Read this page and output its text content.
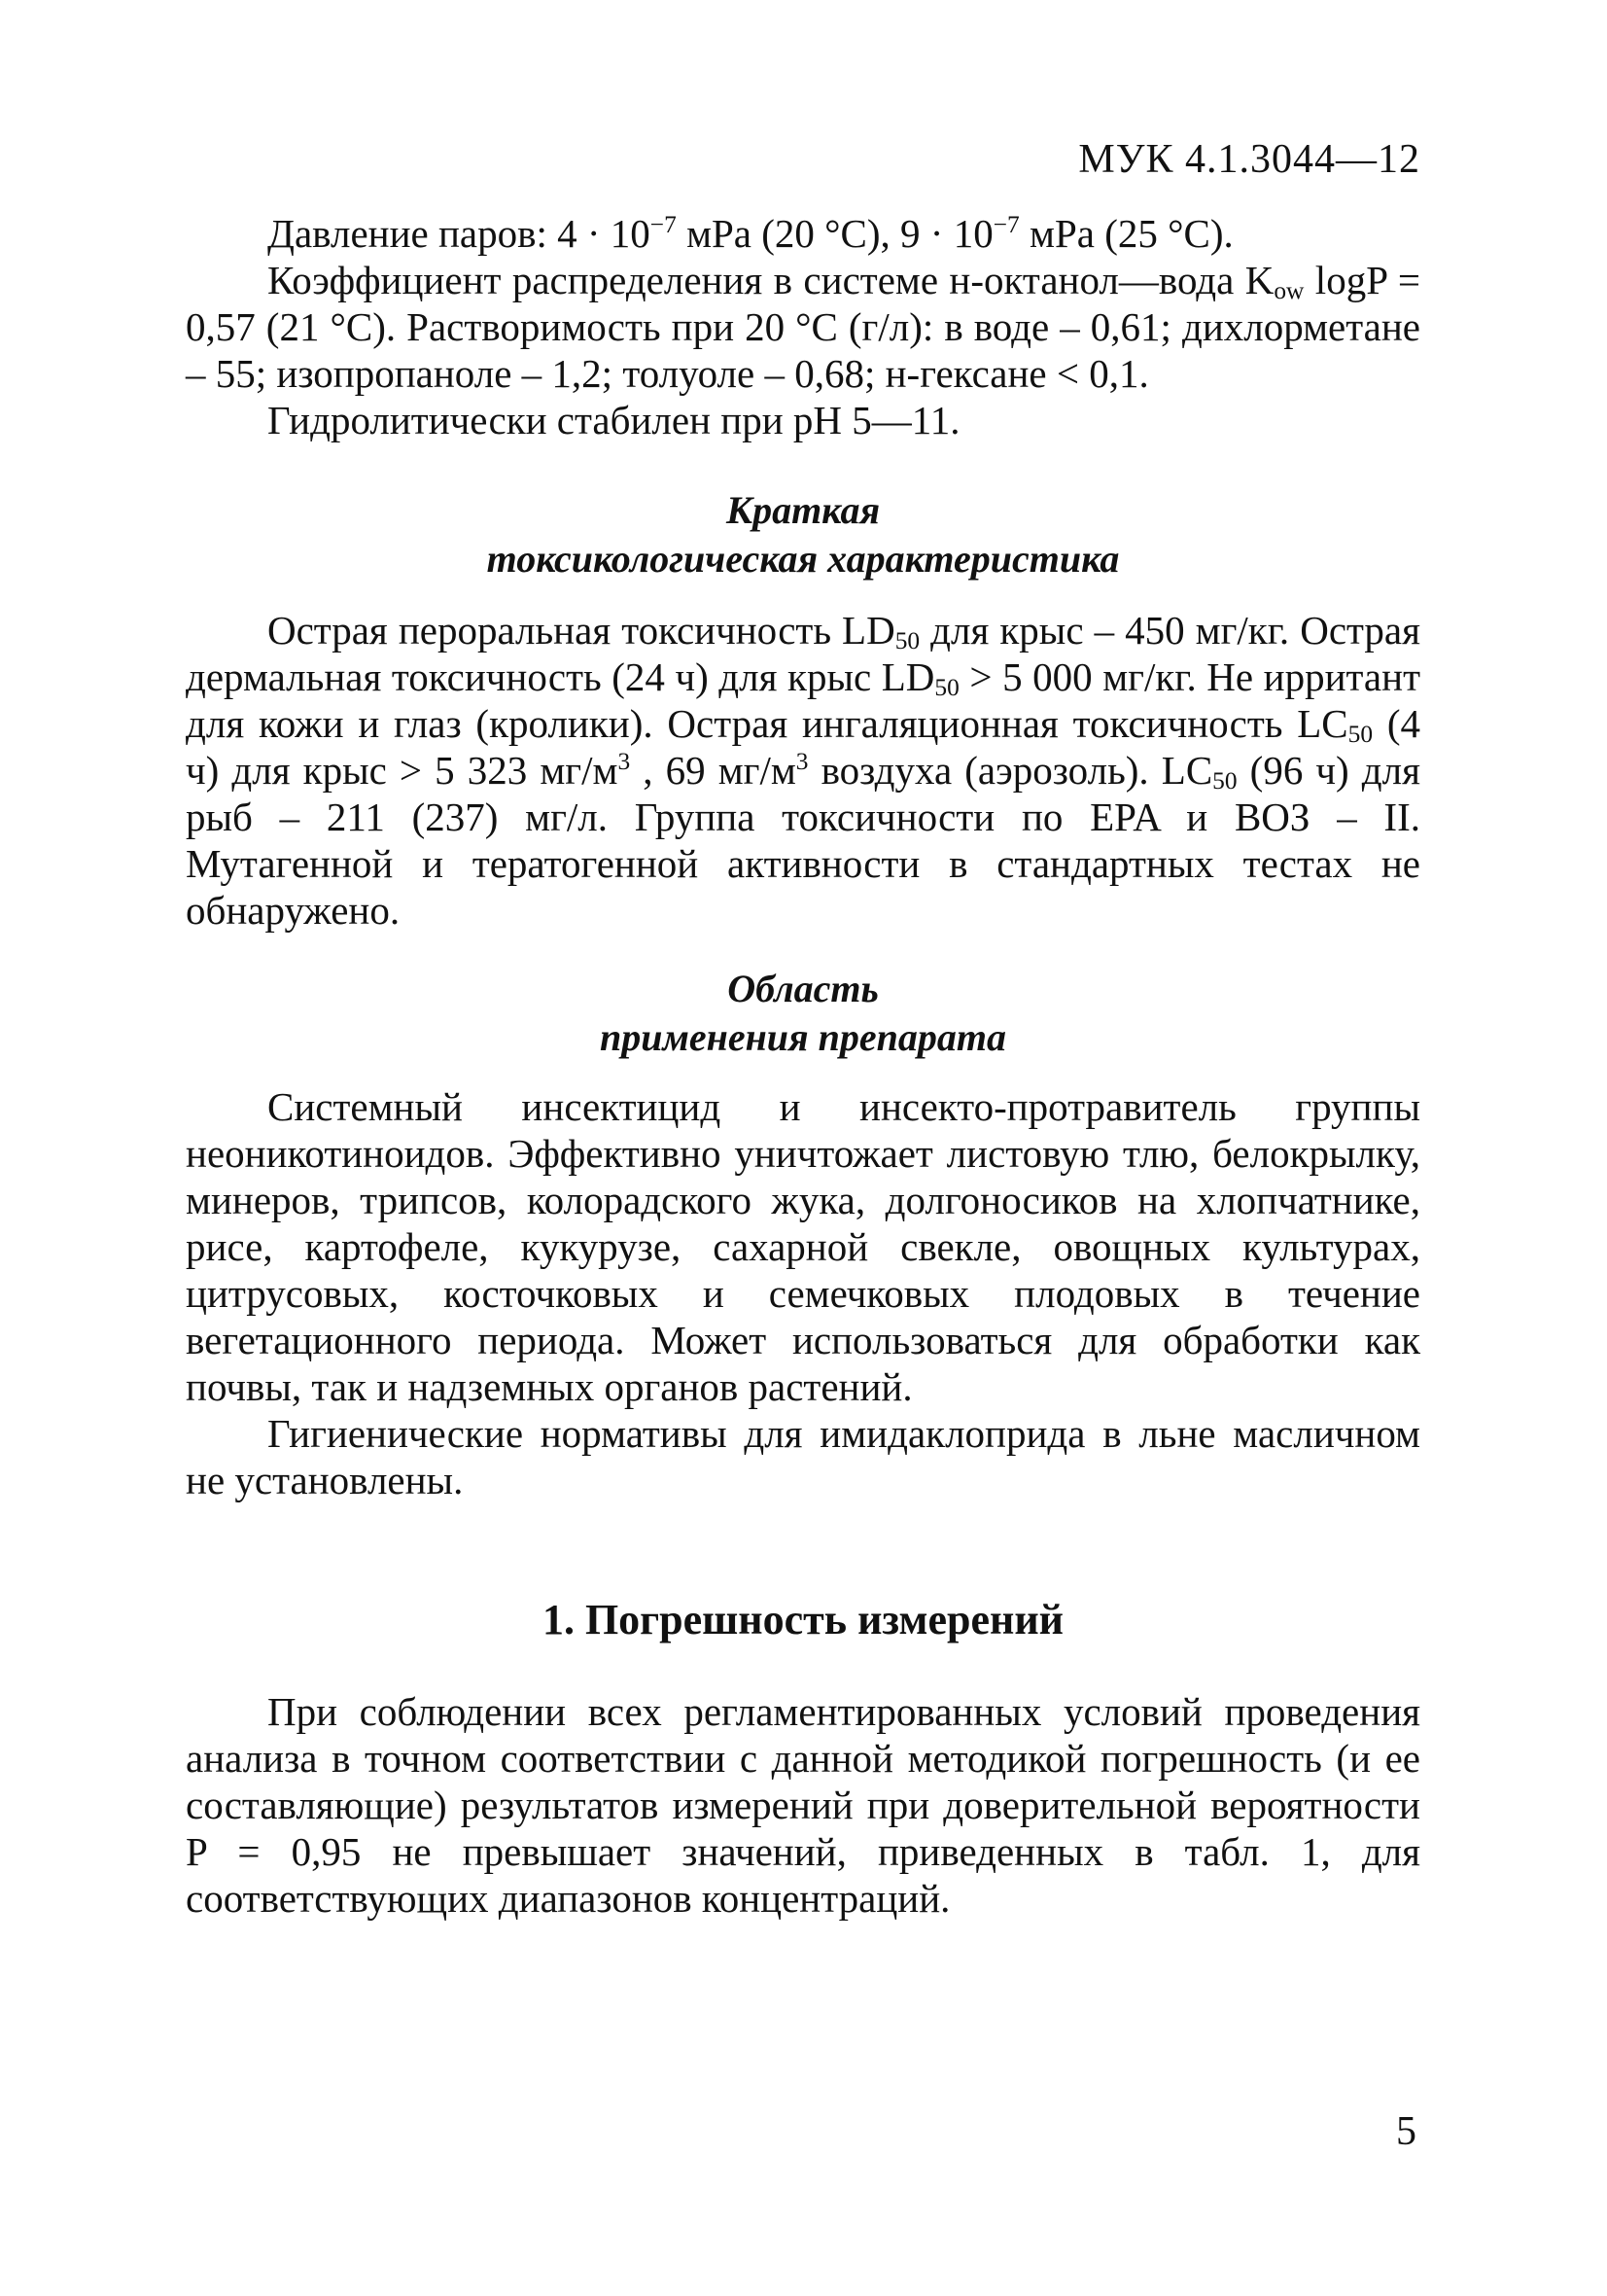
МУК 4.1.3044—12

Давление паров: $4 \cdot 10^{-7}$ мPa (20 °C), $9 \cdot 10^{-7}$ мPa (25 °C).

Коэффициент распределения в системе н-октанол—вода $K_{ow}$ logP = 0,57 (21 °C). Растворимость при 20 °C (г/л): в воде – 0,61; дихлорметане – 55; изопропаноле – 1,2; толуоле – 0,68; н-гексане < 0,1.

Гидролитически стабилен при pH 5—11.

Краткая
токсикологическая характеристика

Острая пероральная токсичность $LD_{50}$ для крыс – 450 мг/кг. Острая дермальная токсичность (24 ч) для крыс $LD_{50} > 5$ 000 мг/кг. Не ирритант для кожи и глаз (кролики). Острая ингаляционная токсичность $LC_{50}$ (4 ч) для крыс > 5 323 $мг/м^3$ , 69 $мг/м^3$ воздуха (аэрозоль). $LC_{50}$ (96 ч) для рыб – 211 (237) мг/л. Группа токсичности по EPA и ВОЗ – II. Мутагенной и тератогенной активности в стандартных тестах не обнаружено.

Область
применения препарата

Системный инсектицид и инсекто-протравитель группы неоникотиноидов. Эффективно уничтожает листовую тлю, белокрылку, минеров, трипсов, колорадского жука, долгоносиков на хлопчатнике, рисе, картофеле, кукурузе, сахарной свекле, овощных культурах, цитрусовых, косточковых и семечковых плодовых в течение вегетационного периода. Может использоваться для обработки как почвы, так и надземных органов растений.

Гигиенические нормативы для имидаклоприда в льне масличном не установлены.

1. Погрешность измерений

При соблюдении всех регламентированных условий проведения анализа в точном соответствии с данной методикой погрешность (и ее составляющие) результатов измерений при доверительной вероятности P = 0,95 не превышает значений, приведенных в табл. 1, для соответствующих диапазонов концентраций.

5
